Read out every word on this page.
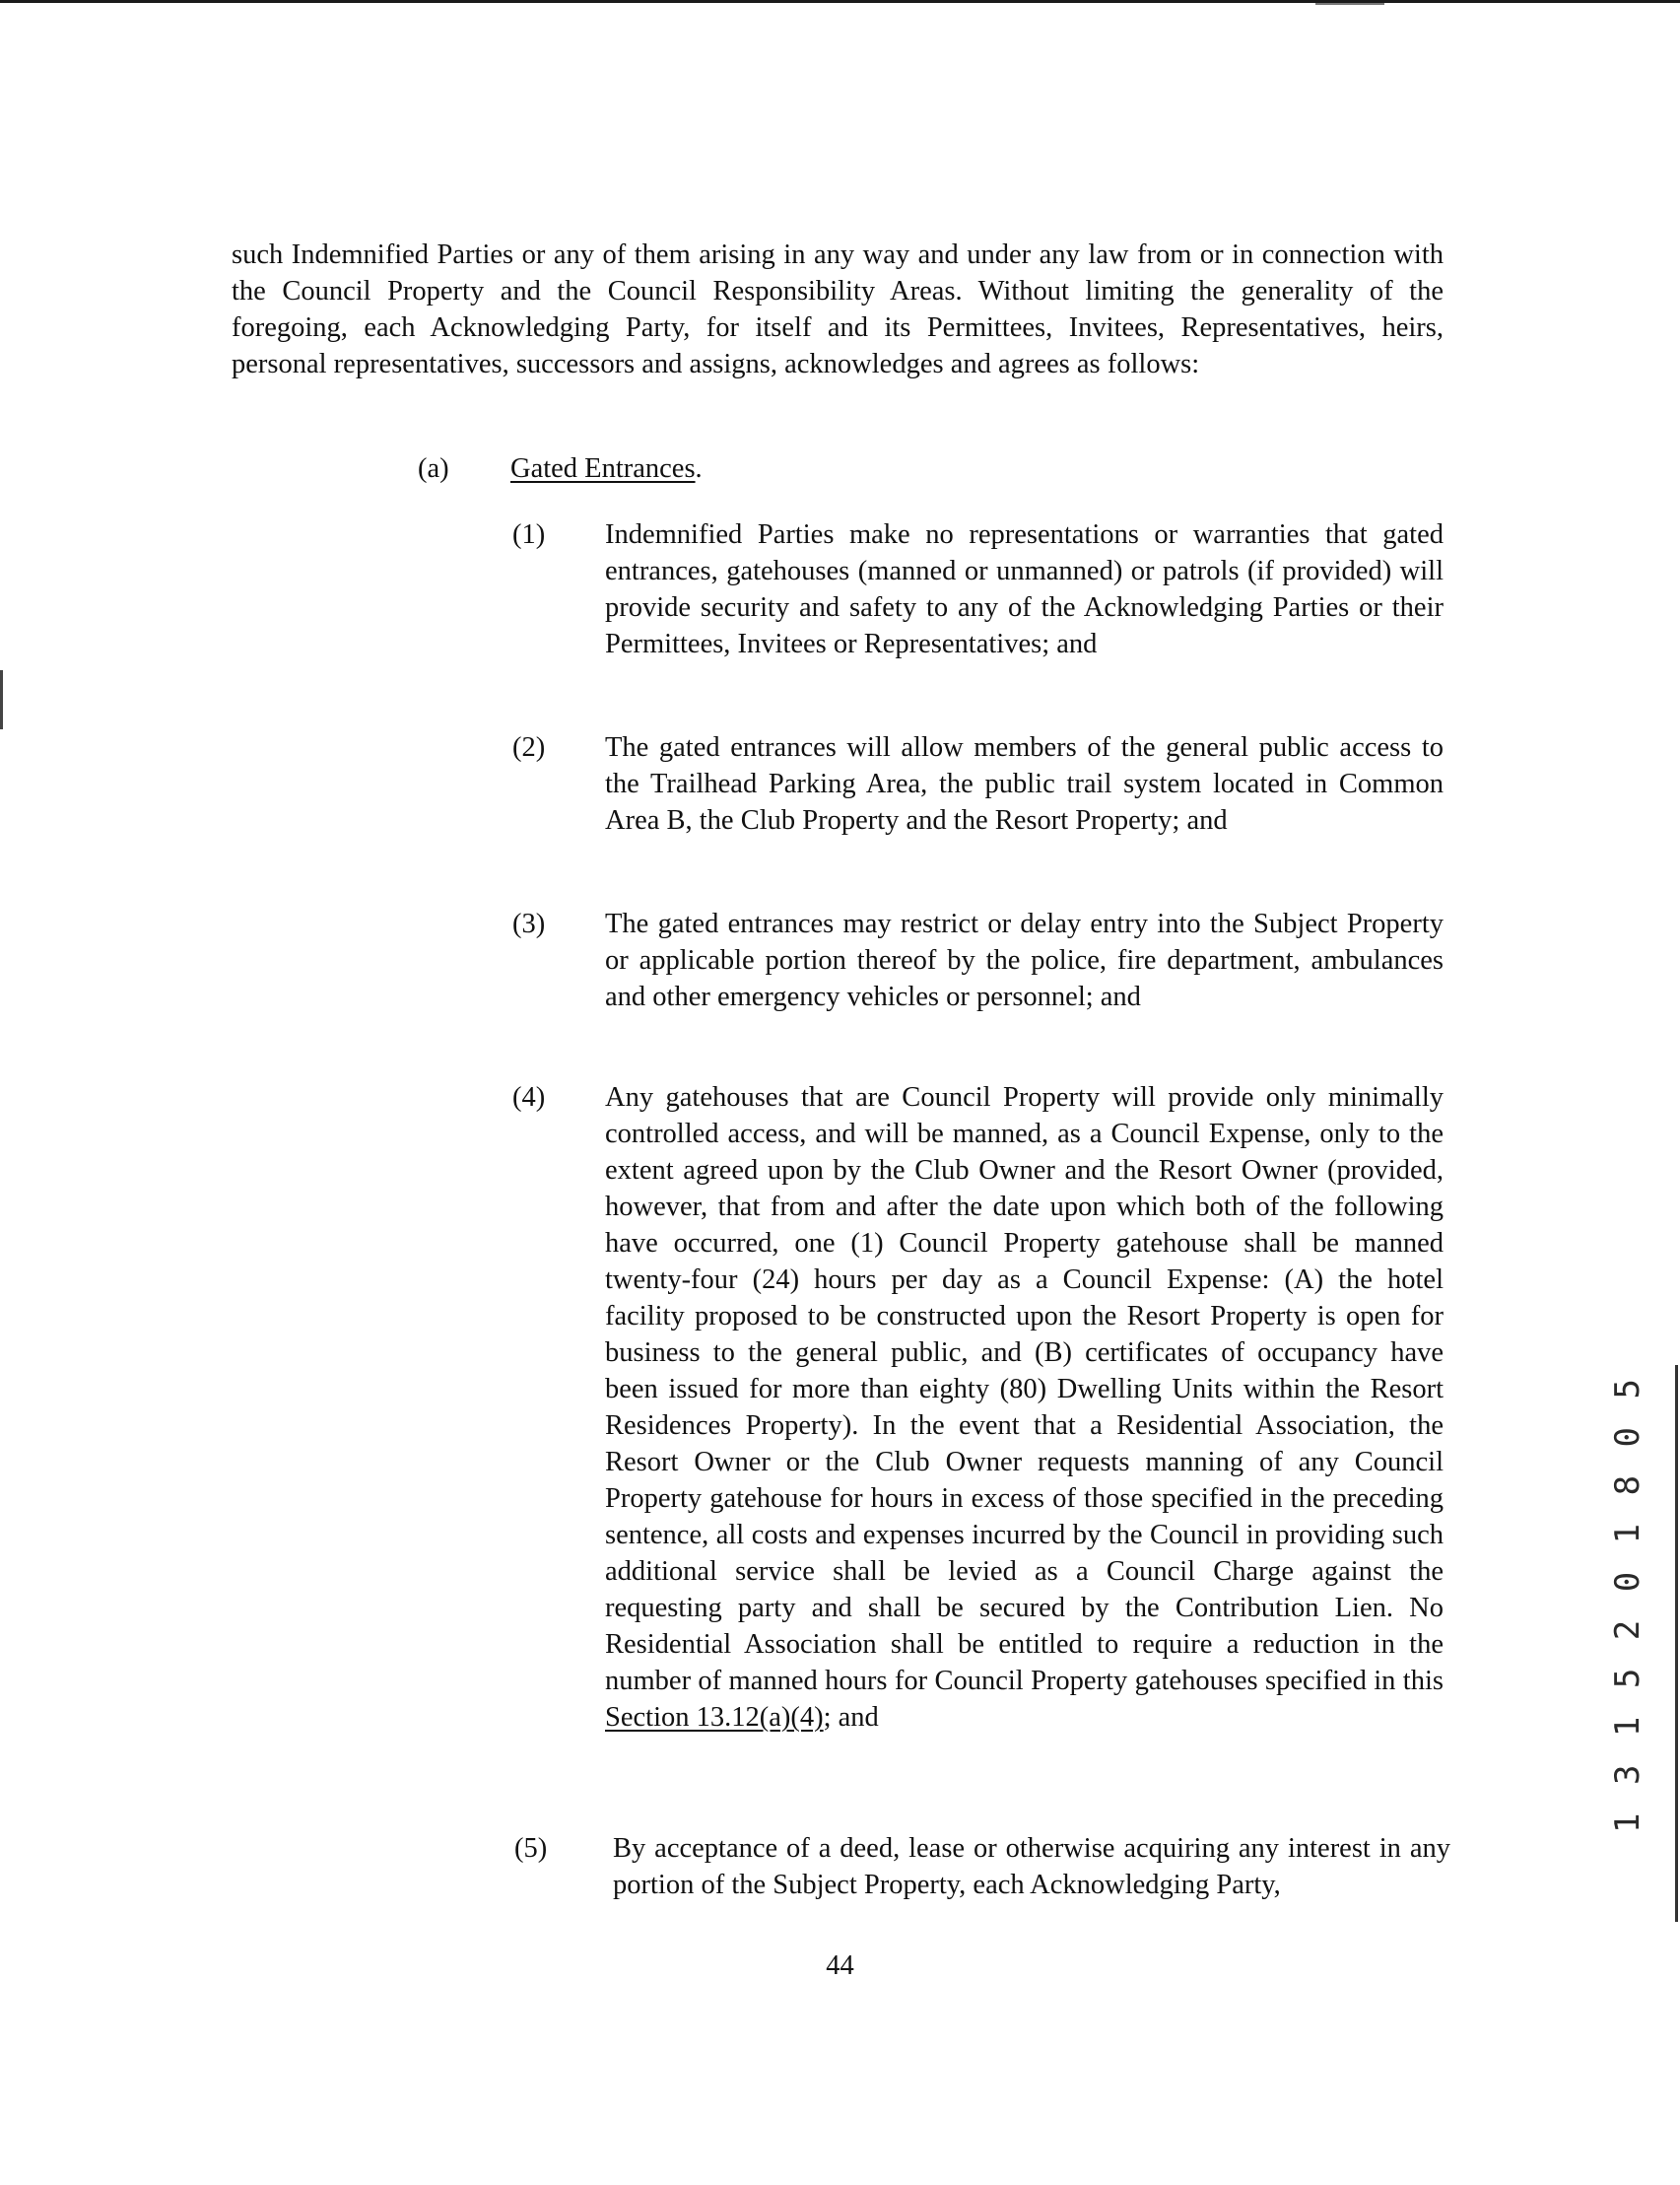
such Indemnified Parties or any of them arising in any way and under any law from or in connection with the Council Property and the Council Responsibility Areas. Without limiting the generality of the foregoing, each Acknowledging Party, for itself and its Permittees, Invitees, Representatives, heirs, personal representatives, successors and assigns, acknowledges and agrees as follows:

(a) Gated Entrances.
(1) Indemnified Parties make no representations or warranties that gated entrances, gatehouses (manned or unmanned) or patrols (if provided) will provide security and safety to any of the Acknowledging Parties or their Permittees, Invitees or Representatives; and

(2) The gated entrances will allow members of the general public access to the Trailhead Parking Area, the public trail system located in Common Area B, the Club Property and the Resort Property; and

(3) The gated entrances may restrict or delay entry into the Subject Property or applicable portion thereof by the police, fire department, ambulances and other emergency vehicles or personnel; and

(4) Any gatehouses that are Council Property will provide only minimally controlled access, and will be manned, as a Council Expense, only to the extent agreed upon by the Club Owner and the Resort Owner (provided, however, that from and after the date upon which both of the following have occurred, one (1) Council Property gatehouse shall be manned twenty-four (24) hours per day as a Council Expense: (A) the hotel facility proposed to be constructed upon the Resort Property is open for business to the general public, and (B) certificates of occupancy have been issued for more than eighty (80) Dwelling Units within the Resort Residences Property). In the event that a Residential Association, the Resort Owner or the Club Owner requests manning of any Council Property gatehouse for hours in excess of those specified in the preceding sentence, all costs and expenses incurred by the Council in providing such additional service shall be levied as a Council Charge against the requesting party and shall be secured by the Contribution Lien. No Residential Association shall be entitled to require a reduction in the number of manned hours for Council Property gatehouses specified in this Section 13.12(a)(4); and

(5) By acceptance of a deed, lease or otherwise acquiring any interest in any portion of the Subject Property, each Acknowledging Party,

44
1 3 1 5 2 0 1 8 0 5
